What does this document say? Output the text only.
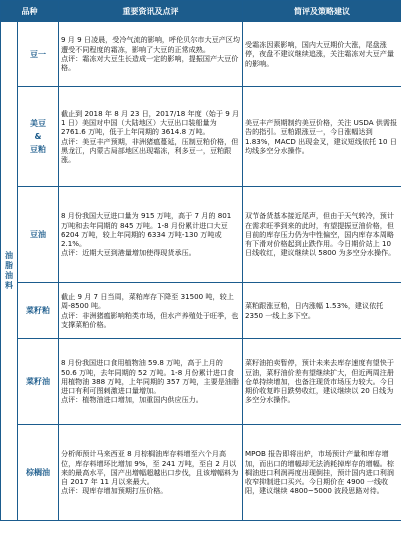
品种		重要资讯及点评	简评及策略建议

油脂油料	豆一	9 月 9 日凌晨，受冷气流的影响，呼伦贝尔市大豆产区均遭受不同程度的霜冻，影响了大豆的正常成熟。
点评：霜冻对大豆生长造成一定的影响，提振国产大豆价格。	受霜冻因素影响，国内大豆期价大涨，尾盘涨停，夜盘不建议继续追涨，关注霜冻对大豆产量的影响。

	美豆
&
豆粕	截止到 2018 年 8 月 23 日，2017/18 年度（始于 9 月 1 日）美国对中国（大陆地区）大豆出口装船量为 2761.6 万吨，低于上年同期的 3614.8 万吨。
点评：美豆丰产预期，非洲猪瘟蔓延，压制豆粕价格，但黑龙江，内蒙古局部地区出现霜冻，利多豆一，豆粕跟涨。	美豆丰产预期制约美豆价格，关注 USDA 供需报告的指引。豆粕跟涨豆一，今日涨幅达到 1.83%，MACD 出现金叉，建议短线依托 10 日均线多空分水操作。

	豆油	8 月份我国大豆进口量为 915 万吨，高于 7 月的 801 万吨和去年同期的 845 万吨。1-8 月份累计进口大豆 6204 万吨，较上年同期的 6334 万吨-130 万吨或 2.1%。
点评：近期大豆到港量增加使得现货承压。	双节备货基本接近尾声，但由于天气转冷，预计在需求旺季到来的此时，有望提振豆油价格，但目前的库存压力仍为中性偏空，国内库存本周略有下滑对价格起到止跌作用。今日期价站上 10 日线收红，建议继续以 5800 为多空分水操作。

	菜籽粕	截止 9 月 7 日当周，菜粕库存下降至 31500 吨，较上周-8500 吨。
点评：非洲猪瘟影响粕类市场，但水产养殖处于旺季，也支撑菜粕价格。	菜粕跟涨豆粕，日内涨幅 1.53%，建议依托 2350 一线上多下空。

	菜籽油	8 月份我国进口食用植物油 59.8 万吨，高于上月的 50.6 万吨，去年同期的 52 万吨。1-8 月份累计进口食用植物油 388 万吨，上年同期的 357 万吨，主要是油脂进口有利可图刺激进口量增加。
点评：植物油进口增加，加重国内供应压力。	菜籽油拍卖暂停，预计未来去库存速度有望快于豆油，菜籽油价差有望继续扩大，但近两周注册仓单持续增加，也备注现货市场压力较大。今日期价收复昨日跌势收红，建议继续以 20 日线为多空分水操作。

	棕榈油	分析师预计马来西亚 8 月棕榈油库存料增至六个月高位，库存料增环比增加 9%，至 241 万吨，至自 2 月以来的最高水平，国产出增幅超越出口步伐，且该增幅料为自 2017 年 11 月以来最大。
点评：现库存增加预期打压价格。	MPOB 报告即将出炉，市场预计产量和库存增加，而出口的增幅却无法消耗掉库存的增幅。棕榈油进口利润再度出现倒挂，预计国内进口利润收窄抑制进口买兴。今日期价在 4900 一线收阳，建议继续 4800~5000 波段思路对待。
